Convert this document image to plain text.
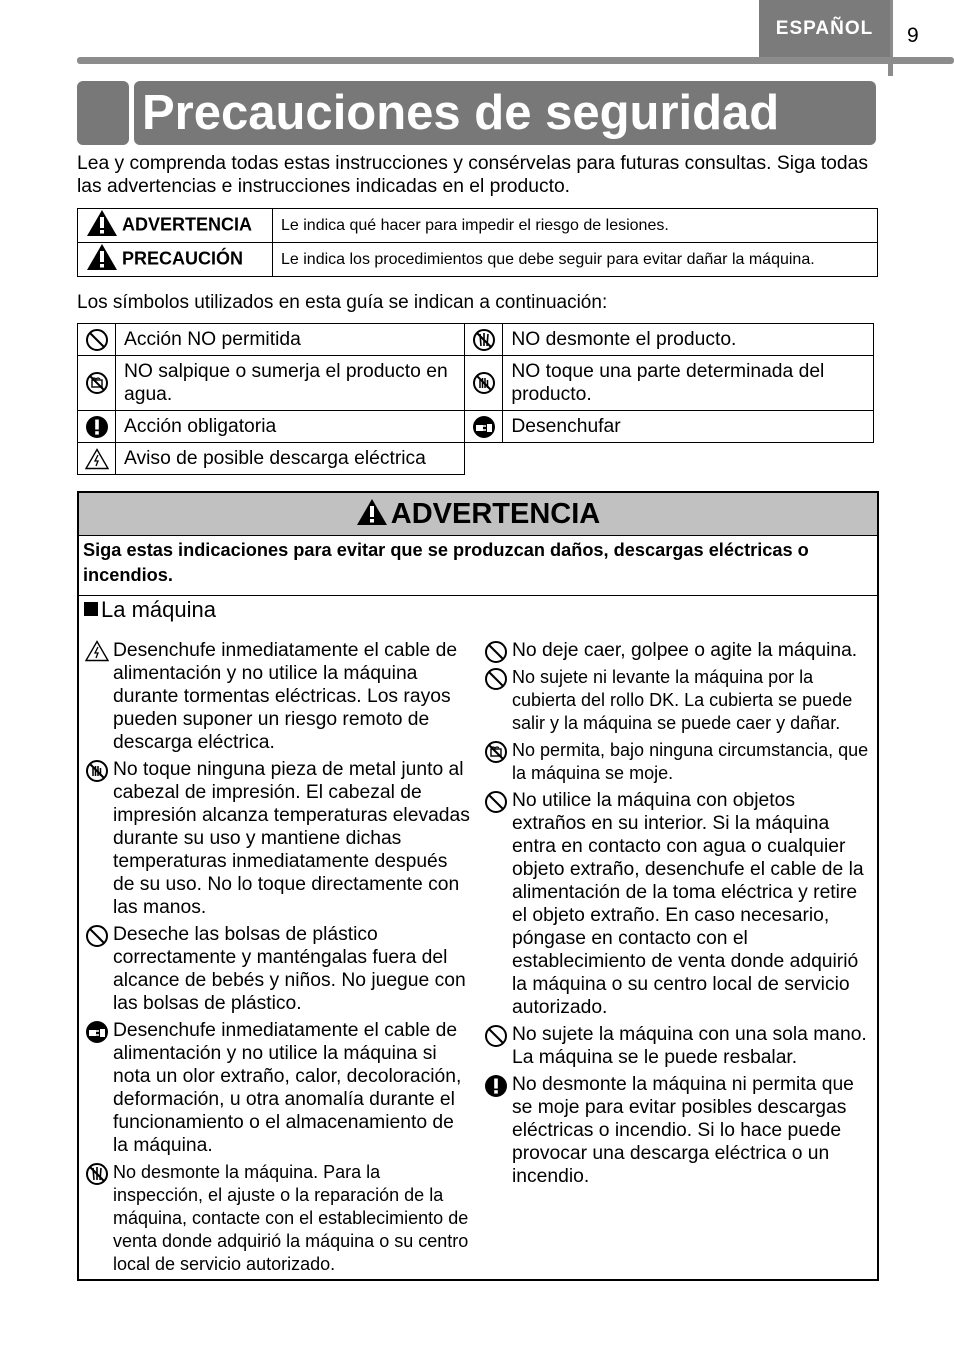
ESPAÑOL	9
Precauciones de seguridad
Lea y comprenda todas estas instrucciones y consérvelas para futuras consultas. Siga todas las advertencias e instrucciones indicadas en el producto.
ADVERTENCIA	Le indica qué hacer para impedir el riesgo de lesiones.
PRECAUCIÓN	Le indica los procedimientos que debe seguir para evitar dañar la máquina.
Los símbolos utilizados en esta guía se indican a continuación:
	Acción NO permitida		NO desmonte el producto.

	NO salpique o sumerja el producto en agua.		NO toque una parte determinada del producto.

	Acción obligatoria		Desenchufar

	Aviso de posible descarga eléctrica		
ADVERTENCIA
Siga estas indicaciones para evitar que se produzcan daños, descargas eléctricas o incendios.
La máquina
Desenchufe inmediatamente el cable de alimentación y no utilice la máquina durante tormentas eléctricas. Los rayos pueden suponer un riesgo remoto de descarga eléctrica.
No toque ninguna pieza de metal junto al cabezal de impresión. El cabezal de impresión alcanza temperaturas elevadas durante su uso y mantiene dichas temperaturas inmediatamente después de su uso. No lo toque directamente con las manos.
Deseche las bolsas de plástico correctamente y manténgalas fuera del alcance de bebés y niños. No juegue con las bolsas de plástico.
Desenchufe inmediatamente el cable de alimentación y no utilice la máquina si nota un olor extraño, calor, decoloración, deformación, u otra anomalía durante el funcionamiento o el almacenamiento de la máquina.
No desmonte la máquina. Para la inspección, el ajuste o la reparación de la máquina, contacte con el establecimiento de venta donde adquirió la máquina o su centro local de servicio autorizado.
No deje caer, golpee o agite la máquina.
No sujete ni levante la máquina por la cubierta del rollo DK. La cubierta se puede salir y la máquina se puede caer y dañar.
No permita, bajo ninguna circumstancia, que la máquina se moje.
No utilice la máquina con objetos extraños en su interior. Si la máquina entra en contacto con agua o cualquier objeto extraño, desenchufe el cable de la alimentación de la toma eléctrica y retire el objeto extraño. En caso necesario, póngase en contacto con el establecimiento de venta donde adquirió la máquina o su centro local de servicio autorizado.
No sujete la máquina con una sola mano. La máquina se le puede resbalar.
No desmonte la máquina ni permita que se moje para evitar posibles descargas eléctricas o incendio. Si lo hace puede provocar una descarga eléctrica o un incendio.
